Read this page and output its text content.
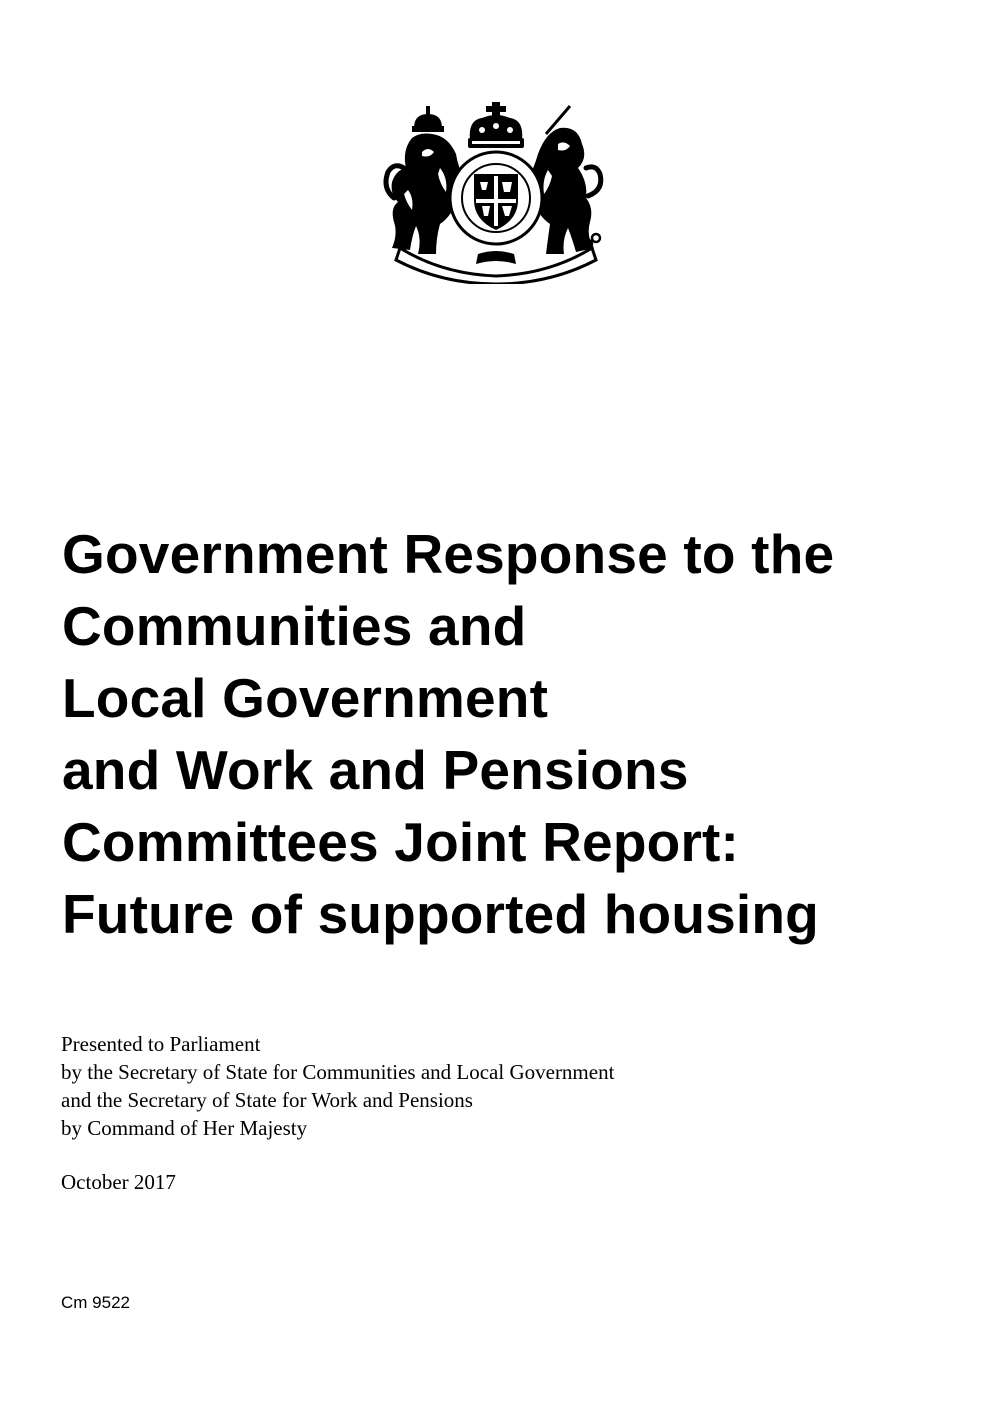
Government Response to the
Communities and
Local Government
and Work and Pensions
Committees Joint Report:
Future of supported housing
Presented to Parliament
by the Secretary of State for Communities and Local Government
and the Secretary of State for Work and Pensions
by Command of Her Majesty
October 2017
Cm 9522
